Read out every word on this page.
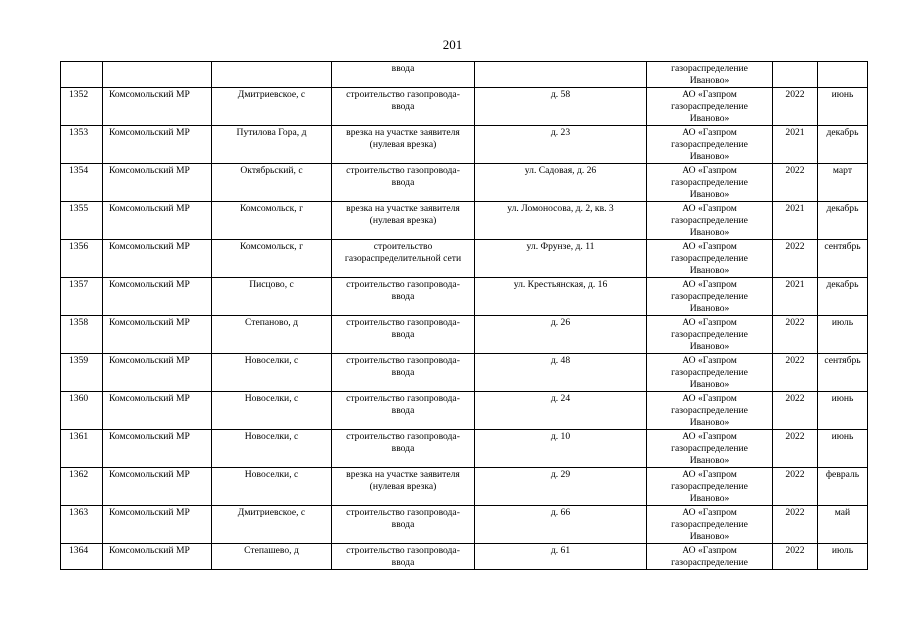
201
			ввода		газораспределение
Иваново»		
1352	Комсомольский МР	Дмитриевское, с	строительство газопровода-
ввода	д. 58	АО «Газпром
газораспределение
Иваново»	2022	июнь
1353	Комсомольский МР	Путилова Гора, д	врезка на участке заявителя
(нулевая врезка)	д. 23	АО «Газпром
газораспределение
Иваново»	2021	декабрь
1354	Комсомольский МР	Октябрьский, с	строительство газопровода-
ввода	ул. Садовая, д. 26	АО «Газпром
газораспределение
Иваново»	2022	март
1355	Комсомольский МР	Комсомольск, г	врезка на участке заявителя
(нулевая врезка)	ул. Ломоносова, д. 2, кв. 3	АО «Газпром
газораспределение
Иваново»	2021	декабрь
1356	Комсомольский МР	Комсомольск, г	строительство
газораспределительной сети	ул. Фрунзе, д. 11	АО «Газпром
газораспределение
Иваново»	2022	сентябрь
1357	Комсомольский МР	Писцово, с	строительство газопровода-
ввода	ул. Крестьянская, д. 16	АО «Газпром
газораспределение
Иваново»	2021	декабрь
1358	Комсомольский МР	Степаново, д	строительство газопровода-
ввода	д. 26	АО «Газпром
газораспределение
Иваново»	2022	июль
1359	Комсомольский МР	Новоселки, с	строительство газопровода-
ввода	д. 48	АО «Газпром
газораспределение
Иваново»	2022	сентябрь
1360	Комсомольский МР	Новоселки, с	строительство газопровода-
ввода	д. 24	АО «Газпром
газораспределение
Иваново»	2022	июнь
1361	Комсомольский МР	Новоселки, с	строительство газопровода-
ввода	д. 10	АО «Газпром
газораспределение
Иваново»	2022	июнь
1362	Комсомольский МР	Новоселки, с	врезка на участке заявителя
(нулевая врезка)	д. 29	АО «Газпром
газораспределение
Иваново»	2022	февраль
1363	Комсомольский МР	Дмитриевское, с	строительство газопровода-
ввода	д. 66	АО «Газпром
газораспределение
Иваново»	2022	май
1364	Комсомольский МР	Степашево, д	строительство газопровода-
ввода	д. 61	АО «Газпром
газораспределение	2022	июль
